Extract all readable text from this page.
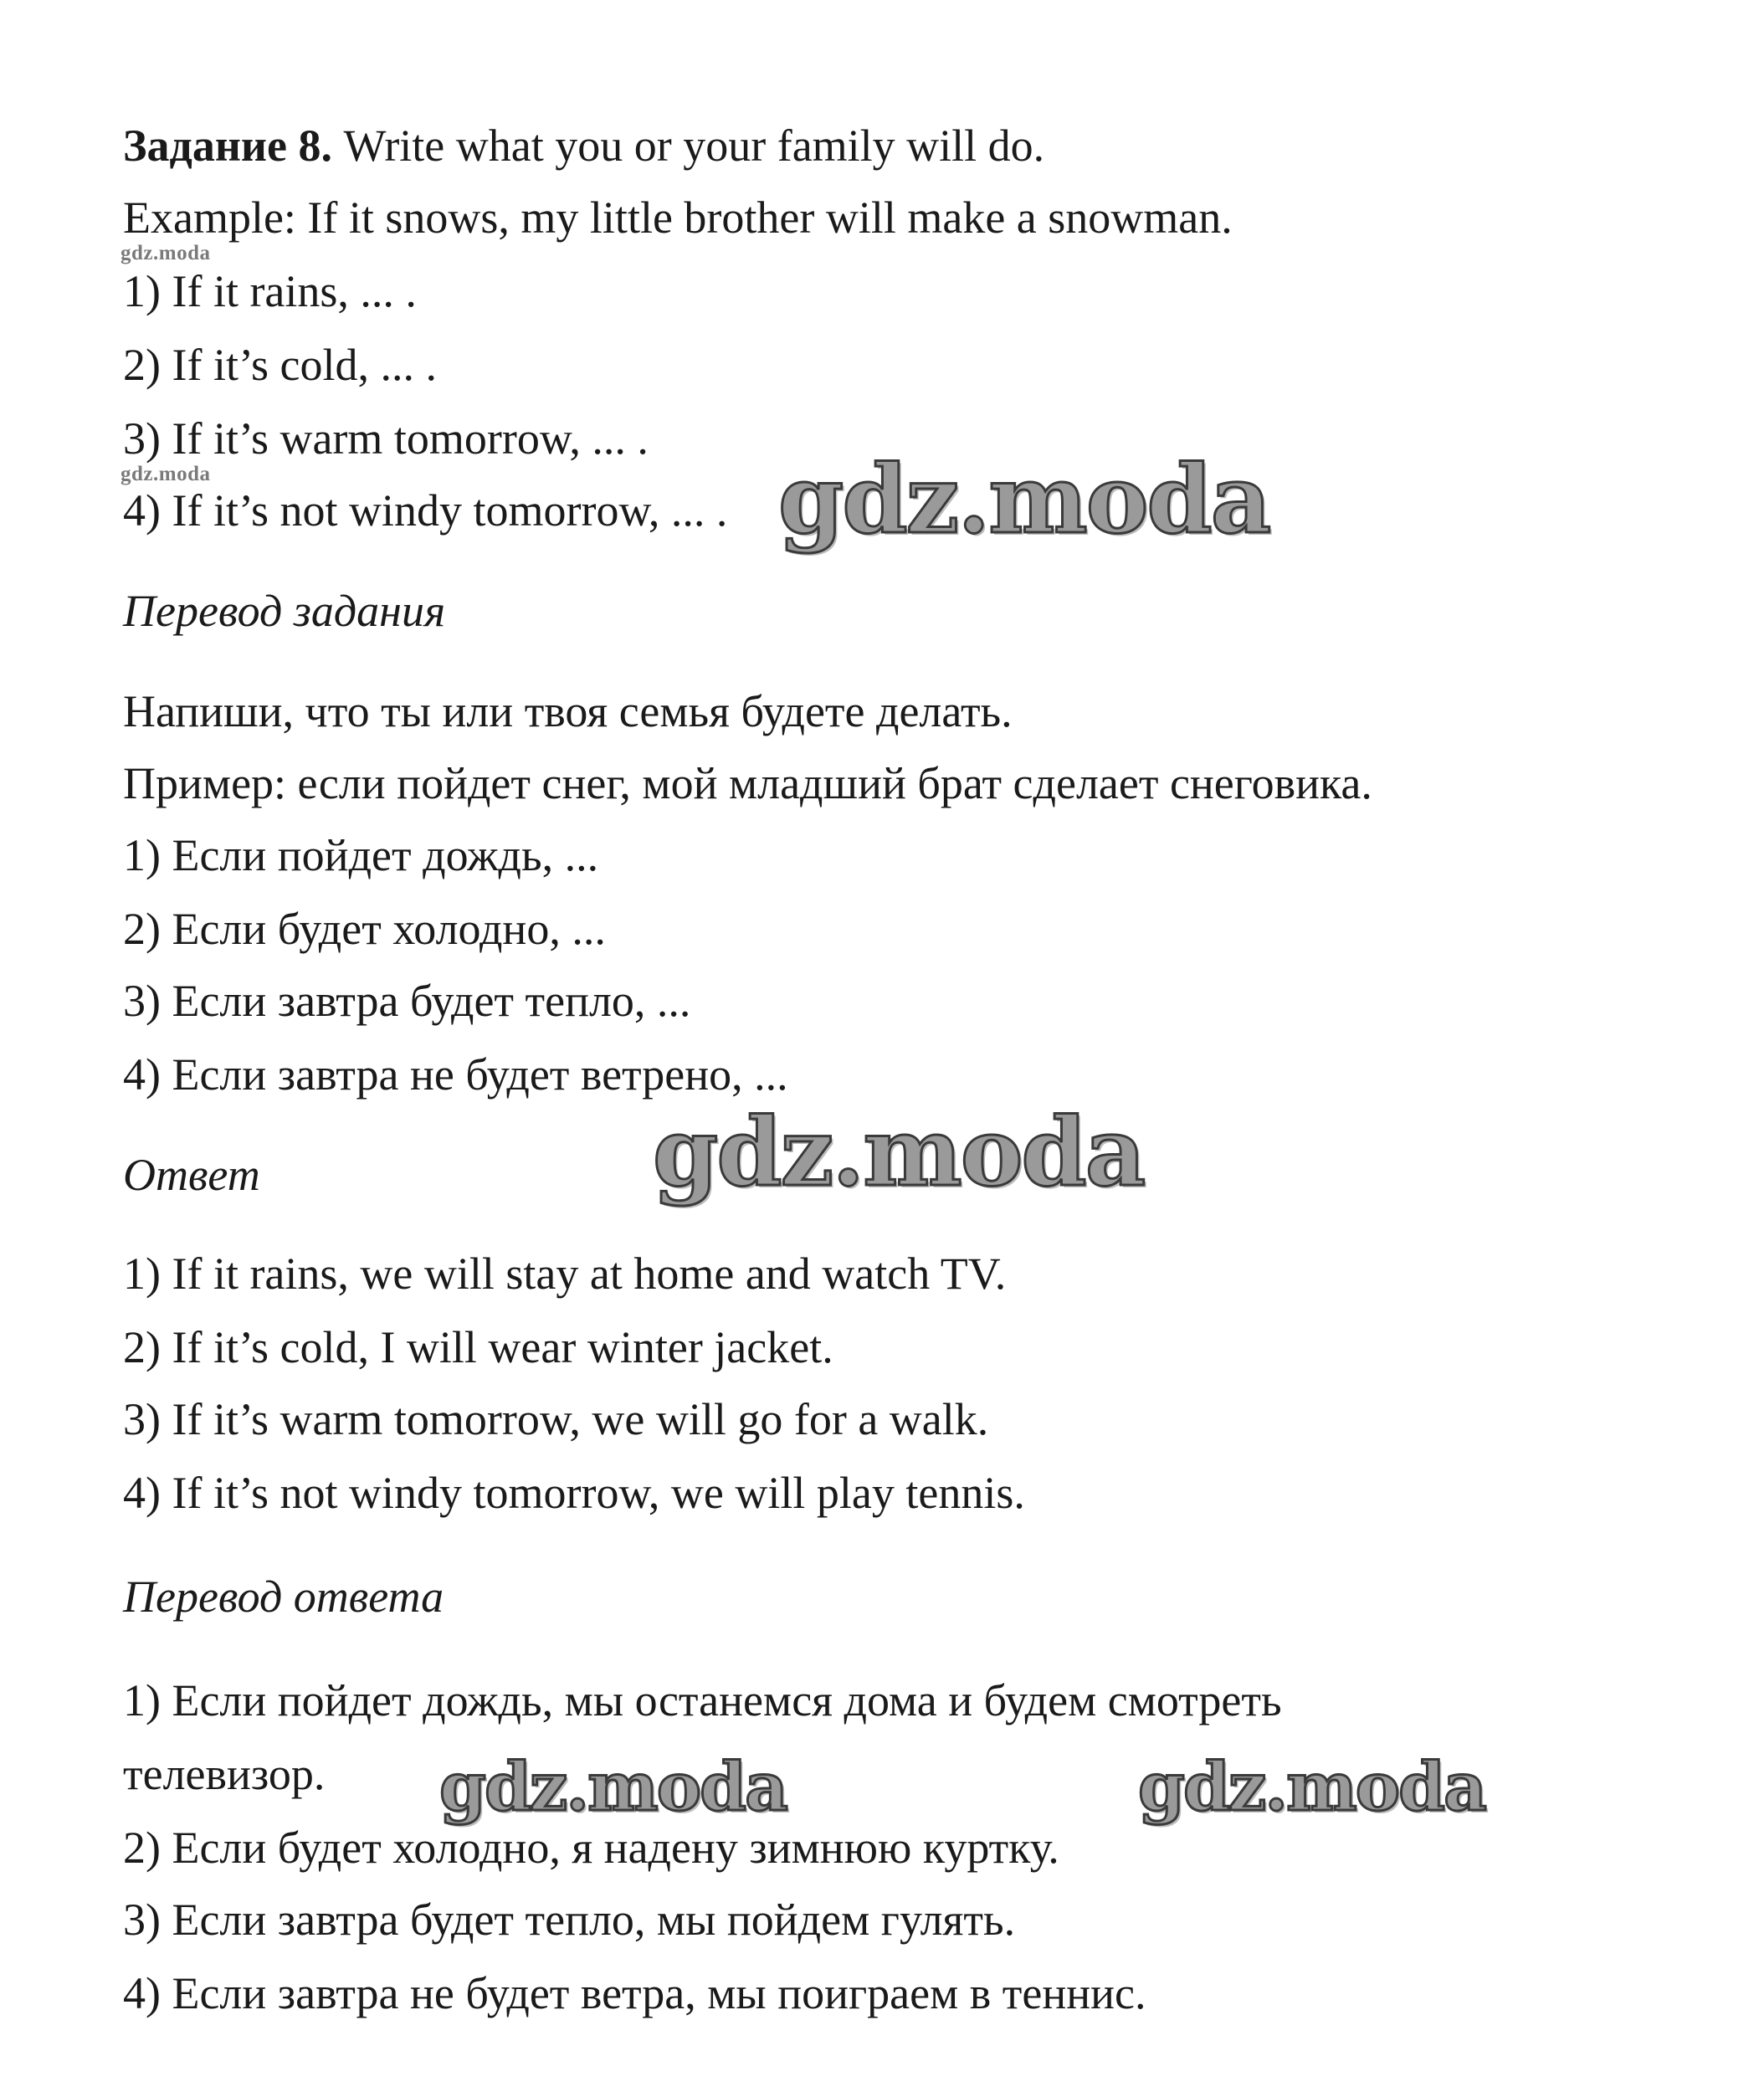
Задание 8. Write what you or your family will do.
Example: If it snows, my little brother will make a snowman.
gdz.moda
1) If it rains, ... .
2) If it’s cold, ... .
3) If it’s warm tomorrow, ... .
gdz.moda
4) If it’s not windy tomorrow, ... . gdz.moda
Перевод задания
Напиши, что ты или твоя семья будете делать.
Пример: если пойдет снег, мой младший брат сделает снеговика.
1) Если пойдет дождь, ...
2) Если будет холодно, ...
3) Если завтра будет тепло, ...
4) Если завтра не будет ветрено, ...
Ответ	gdz.moda
1) If it rains, we will stay at home and watch TV.
2) If it’s cold, I will wear winter jacket.
3) If it’s warm tomorrow, we will go for a walk.
4) If it’s not windy tomorrow, we will play tennis.
Перевод ответа
1) Если пойдет дождь, мы останемся дома и будем смотреть
телевизор. gdz.moda	gdz.moda
2) Если будет холодно, я надену зимнюю куртку.
3) Если завтра будет тепло, мы пойдем гулять.
4) Если завтра не будет ветра, мы поиграем в теннис.
